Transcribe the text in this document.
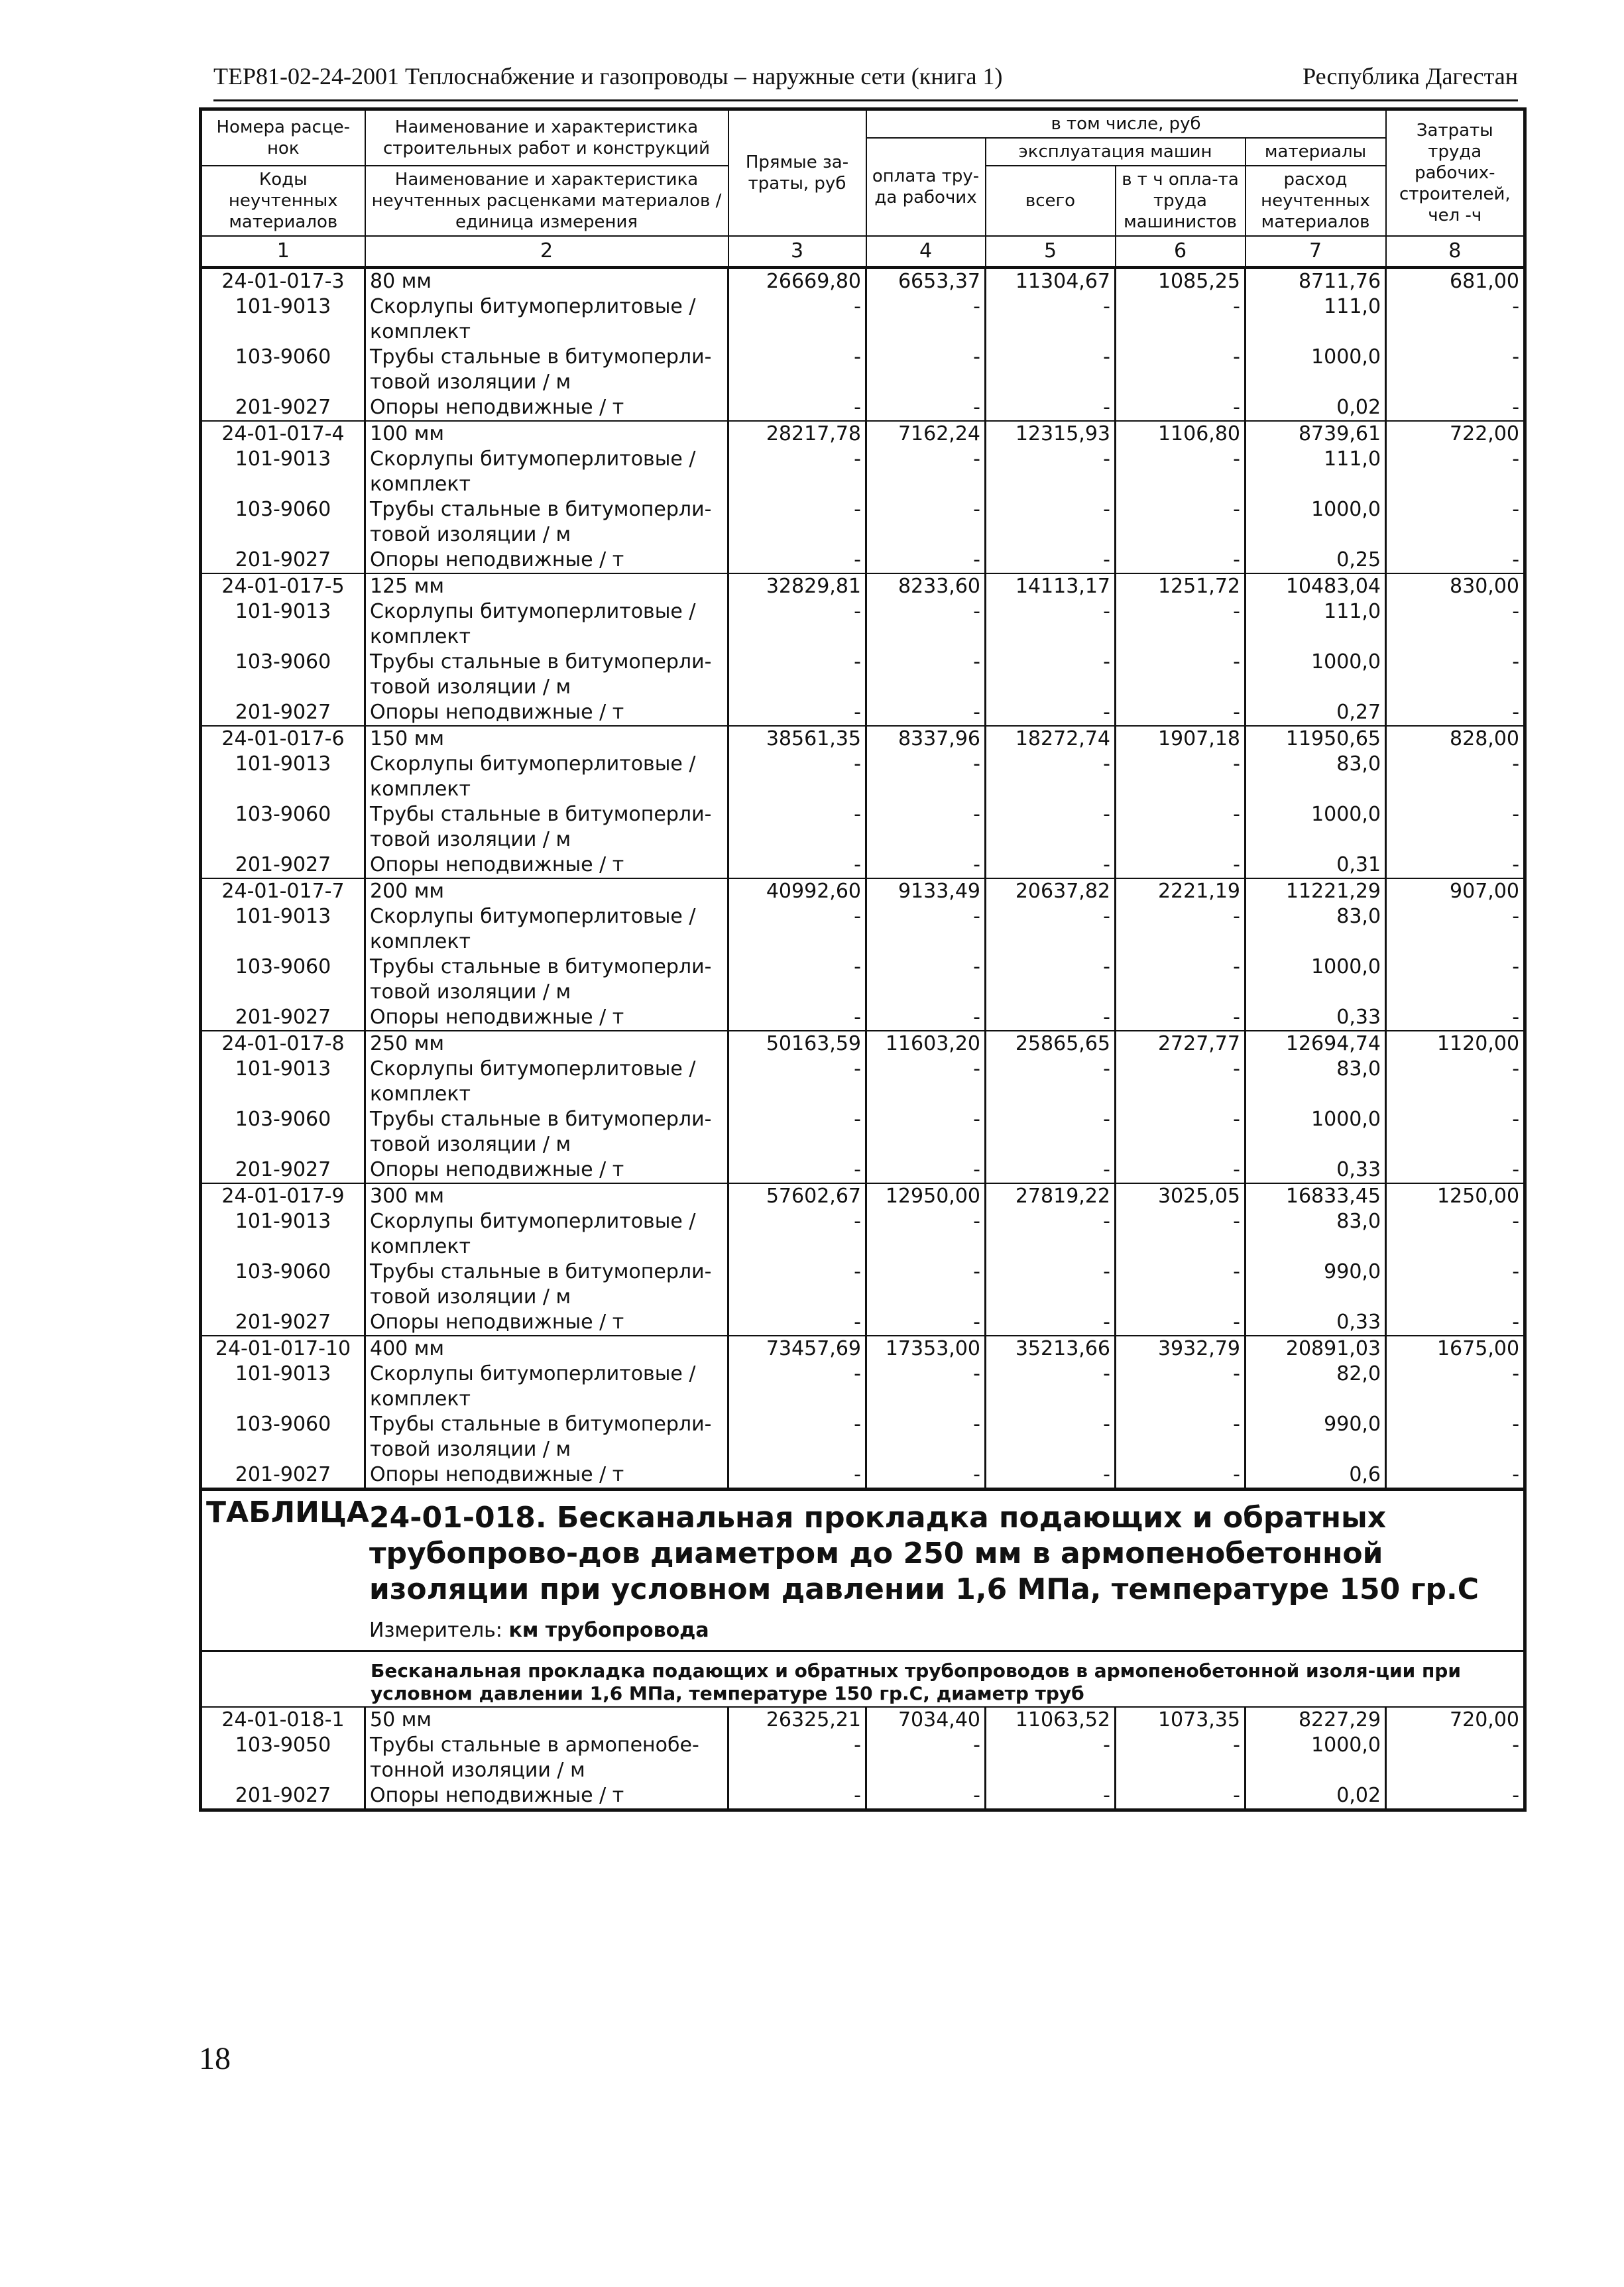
ТЕР81-02-24-2001 Теплоснабжение и газопроводы – наружные сети (книга 1)	Республика Дагестан
Номера расце-нок	Наименование и характеристика строительных работ и конструкций	Прямые за-траты, руб	в том числе, руб				Затраты труда рабочих-строителей, чел -ч
			оплата тру-да рабочих	эксплуатация машин		материалы	
Коды неучтенных материалов	Наименование и характеристика неучтенных расценками материалов / единица измерения			всего	в т ч опла-та труда машинистов	расход неучтенных материалов	

1	2	3	4	5	6	7	8
24-01-017-3	80 мм	26669,80	6653,37	11304,67	1085,25	8711,76	681,00
101-9013	Скорлупы битумоперлитовые / комплект	-	-	-	-	111,0	-
103-9060	Трубы стальные в битумоперли-товой изоляции / м	-	-	-	-	1000,0	-
201-9027	Опоры неподвижные / т	-	-	-	-	0,02	-
24-01-017-4	100 мм	28217,78	7162,24	12315,93	1106,80	8739,61	722,00
101-9013	Скорлупы битумоперлитовые / комплект	-	-	-	-	111,0	-
103-9060	Трубы стальные в битумоперли-товой изоляции / м	-	-	-	-	1000,0	-
201-9027	Опоры неподвижные / т	-	-	-	-	0,25	-
24-01-017-5	125 мм	32829,81	8233,60	14113,17	1251,72	10483,04	830,00
101-9013	Скорлупы битумоперлитовые / комплект	-	-	-	-	111,0	-
103-9060	Трубы стальные в битумоперли-товой изоляции / м	-	-	-	-	1000,0	-
201-9027	Опоры неподвижные / т	-	-	-	-	0,27	-
24-01-017-6	150 мм	38561,35	8337,96	18272,74	1907,18	11950,65	828,00
101-9013	Скорлупы битумоперлитовые / комплект	-	-	-	-	83,0	-
103-9060	Трубы стальные в битумоперли-товой изоляции / м	-	-	-	-	1000,0	-
201-9027	Опоры неподвижные / т	-	-	-	-	0,31	-
24-01-017-7	200 мм	40992,60	9133,49	20637,82	2221,19	11221,29	907,00
101-9013	Скорлупы битумоперлитовые / комплект	-	-	-	-	83,0	-
103-9060	Трубы стальные в битумоперли-товой изоляции / м	-	-	-	-	1000,0	-
201-9027	Опоры неподвижные / т	-	-	-	-	0,33	-
24-01-017-8	250 мм	50163,59	11603,20	25865,65	2727,77	12694,74	1120,00
101-9013	Скорлупы битумоперлитовые / комплект	-	-	-	-	83,0	-
103-9060	Трубы стальные в битумоперли-товой изоляции / м	-	-	-	-	1000,0	-
201-9027	Опоры неподвижные / т	-	-	-	-	0,33	-
24-01-017-9	300 мм	57602,67	12950,00	27819,22	3025,05	16833,45	1250,00
101-9013	Скорлупы битумоперлитовые / комплект	-	-	-	-	83,0	-
103-9060	Трубы стальные в битумоперли-товой изоляции / м	-	-	-	-	990,0	-
201-9027	Опоры неподвижные / т	-	-	-	-	0,33	-
24-01-017-10	400 мм	73457,69	17353,00	35213,66	3932,79	20891,03	1675,00
101-9013	Скорлупы битумоперлитовые / комплект	-	-	-	-	82,0	-
103-9060	Трубы стальные в битумоперли-товой изоляции / м	-	-	-	-	990,0	-
201-9027	Опоры неподвижные / т	-	-	-	-	0,6	-

ТАБЛИЦА 24-01-018. Бесканальная прокладка подающих и обратных трубопрово-дов диаметром до 250 мм в армопенобетонной изоляции при условном давлении 1,6 МПа, температуре 150 гр.С
Измеритель: км трубопровода							

Бесканальная прокладка подающих и обратных трубопроводов в армопенобетонной изоля-ции при условном давлении 1,6 МПа, температуре 150 гр.С, диаметр труб							
24-01-018-1	50 мм	26325,21	7034,40	11063,52	1073,35	8227,29	720,00
103-9050	Трубы стальные в армопенобе-тонной изоляции / м	-	-	-	-	1000,0	-
201-9027	Опоры неподвижные / т	-	-	-	-	0,02	-
18
